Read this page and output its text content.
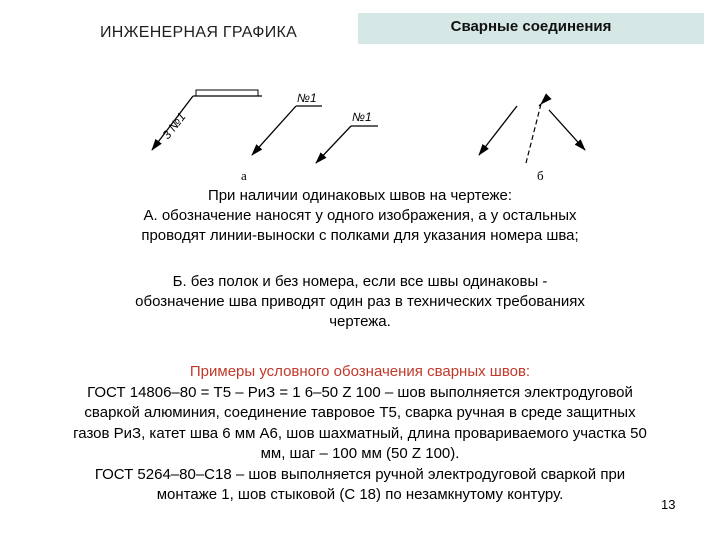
ИНЖЕНЕРНАЯ ГРАФИКА	Сварные соединения
3 №1
№1
№1
а	б

При наличии одинаковых швов на чертеже:
А. обозначение наносят у одного изображения, а у остальных
проводят линии-выноски с полками для указания номера шва;

Б. без полок и без номера, если все швы одинаковы -
обозначение шва приводят один раз в технических требованиях
чертежа.

Примеры условного обозначения сварных швов:
ГОСТ 14806–80 = Т5 – РиЗ = 1 6–50 Z 100 – шов выполняется электродуговой
сваркой алюминия, соединение тавровое Т5, сварка ручная в среде защитных
газов РиЗ, катет шва 6 мм А6, шов шахматный, длина провариваемого участка 50
мм, шаг – 100 мм (50 Z 100).
ГОСТ 5264–80–С18 – шов выполняется ручной электродуговой сваркой при
монтаже 1, шов стыковой (С 18) по незамкнутому контуру.

13
